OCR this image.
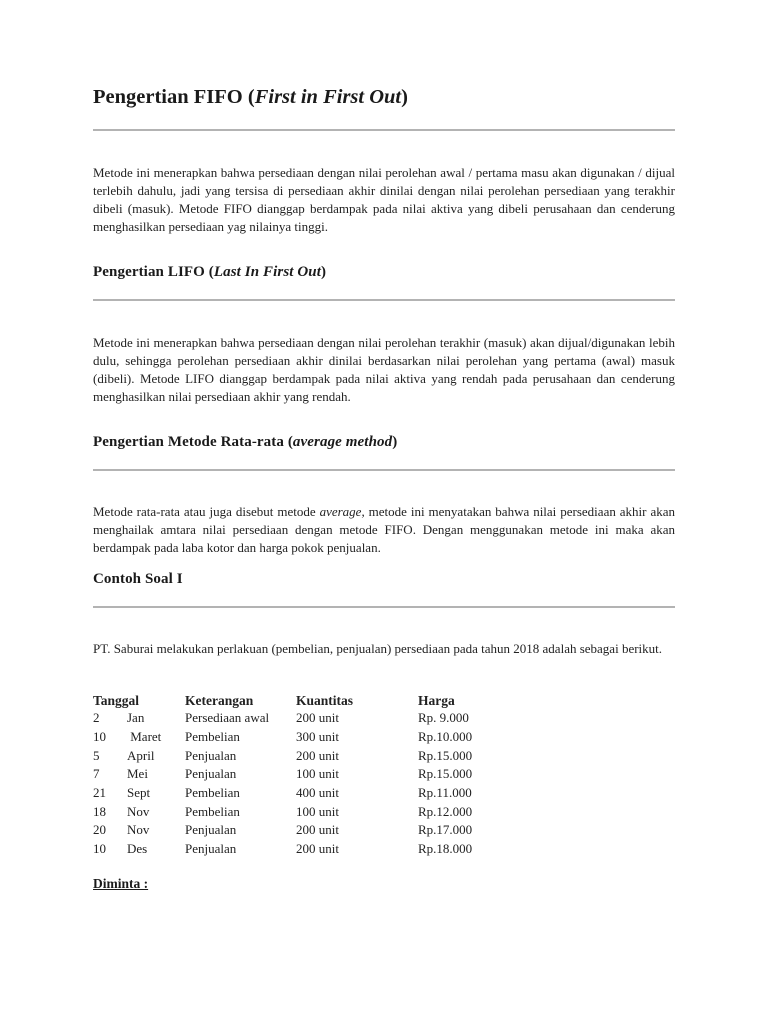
Pengertian FIFO (First in First Out)

Metode ini menerapkan bahwa persediaan dengan nilai perolehan awal / pertama masu akan digunakan / dijual terlebih dahulu, jadi yang tersisa di persediaan akhir dinilai dengan nilai perolehan persediaan yang terakhir dibeli (masuk). Metode FIFO dianggap berdampak pada nilai aktiva yang dibeli perusahaan dan cenderung menghasilkan persediaan yag nilainya tinggi.

Pengertian LIFO (Last In First Out)

Metode ini menerapkan bahwa persediaan dengan nilai perolehan terakhir (masuk) akan dijual/digunakan lebih dulu, sehingga perolehan persediaan akhir dinilai berdasarkan nilai perolehan yang pertama (awal) masuk (dibeli). Metode LIFO dianggap berdampak pada nilai aktiva yang rendah pada perusahaan dan cenderung menghasilkan nilai persediaan akhir yang rendah.

Pengertian Metode Rata-rata (average method)

Metode rata-rata atau juga disebut metode average, metode ini menyatakan bahwa nilai persediaan akhir akan menghailak amtara nilai persediaan dengan metode FIFO. Dengan menggunakan metode ini maka akan berdampak pada laba kotor dan harga pokok penjualan.

Contoh Soal I

PT. Saburai melakukan perlakuan (pembelian, penjualan) persediaan pada tahun 2018 adalah sebagai berikut.

Tanggal		Keterangan	Kuantitas	Harga
2	Jan	Persediaan awal	200 unit	Rp. 9.000
10	Maret	Pembelian	300 unit	Rp.10.000
5	April	Penjualan	200 unit	Rp.15.000
7	Mei	Penjualan	100 unit	Rp.15.000
21	Sept	Pembelian	400 unit	Rp.11.000
18	Nov	Pembelian	100 unit	Rp.12.000
20	Nov	Penjualan	200 unit	Rp.17.000
10	Des	Penjualan	200 unit	Rp.18.000

Diminta :
